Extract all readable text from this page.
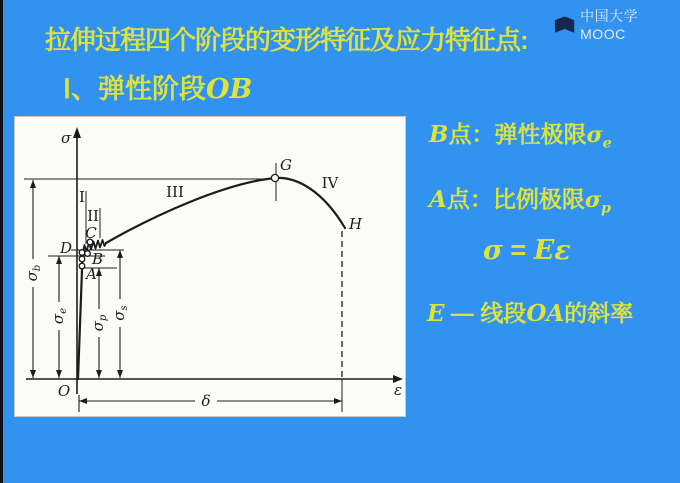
中国大学MOOC
拉伸过程四个阶段的变形特征及应力特征点:
Ⅰ、弹性阶段OB
σ
ε
O
D
C
B
A
G
H
I
II
III	IV
δ
$\sigma_b$
$\sigma_e$
$\sigma_p$ $\sigma_s$
B点：弹性极限$\sigma_e$
A点：比例极限$\sigma_p$
σ = Eε
E — 线段OA的斜率
